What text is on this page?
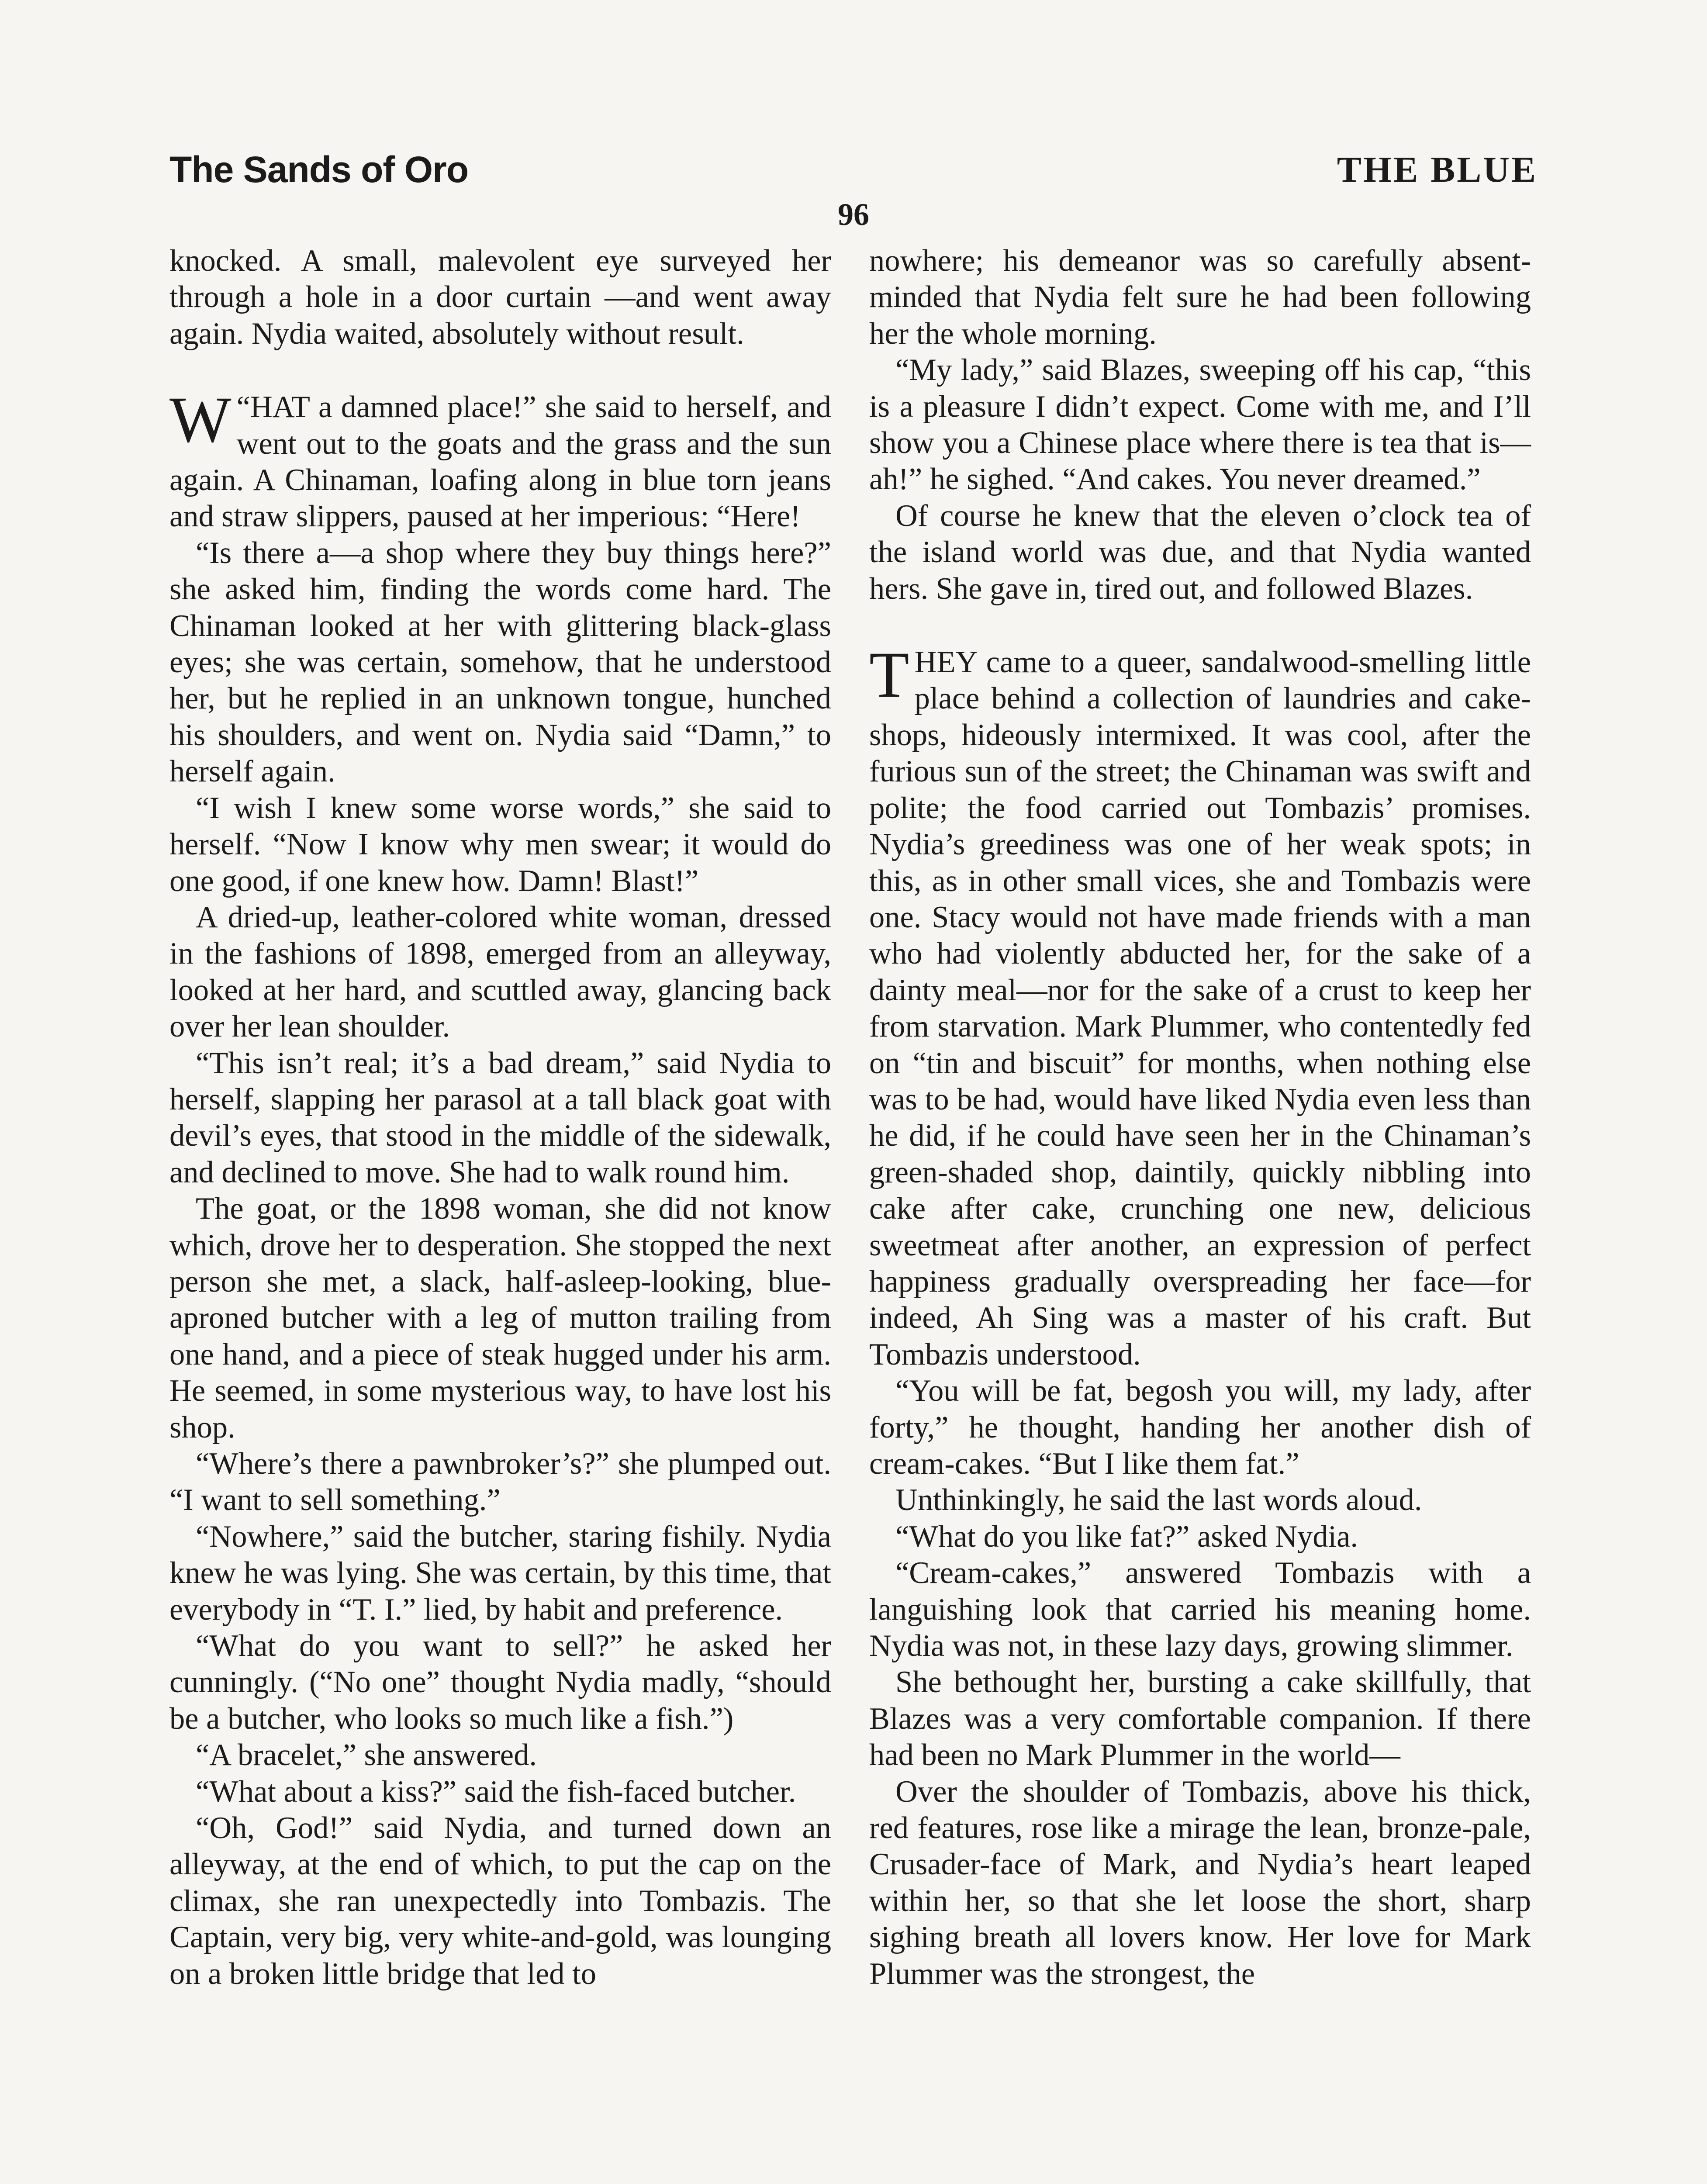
The Sands of Oro	THE BLUE
96

knocked. A small, malevolent eye surveyed her through a hole in a door curtain —and went away again. Nydia waited, absolutely without result.

“
W HAT a damned place!” she said to herself, and went out to the goats and the grass and the sun again. A Chinaman, loafing along in blue torn jeans and straw slippers, paused at her imperious: “Here!

“Is there a—a shop where they buy things here?” she asked him, finding the words come hard. The Chinaman looked at her with glittering black-glass eyes; she was certain, somehow, that he understood her, but he replied in an unknown tongue, hunched his shoulders, and went on. Nydia said “Damn,” to herself again.

“I wish I knew some worse words,” she said to herself. “Now I know why men swear; it would do one good, if one knew how. Damn! Blast!”

A dried-up, leather-colored white woman, dressed in the fashions of 1898, emerged from an alleyway, looked at her hard, and scuttled away, glancing back over her lean shoulder.

“This isn’t real; it’s a bad dream,” said Nydia to herself, slapping her parasol at a tall black goat with devil’s eyes, that stood in the middle of the sidewalk, and declined to move. She had to walk round him.

The goat, or the 1898 woman, she did not know which, drove her to desperation. She stopped the next person she met, a slack, half-asleep-looking, blue-aproned butcher with a leg of mutton trailing from one hand, and a piece of steak hugged under his arm. He seemed, in some mysterious way, to have lost his shop.

“Where’s there a pawnbroker’s?” she plumped out. “I want to sell something.”

“Nowhere,” said the butcher, staring fishily. Nydia knew he was lying. She was certain, by this time, that everybody in “T. I.” lied, by habit and preference.

“What do you want to sell?” he asked her cunningly. (“No one” thought Nydia madly, “should be a butcher, who looks so much like a fish.”)

“A bracelet,” she answered.

“What about a kiss?” said the fish-faced butcher.

“Oh, God!” said Nydia, and turned down an alleyway, at the end of which, to put the cap on the climax, she ran unexpectedly into Tombazis. The Captain, very big, very white-and-gold, was lounging on a broken little bridge that led to

nowhere; his demeanor was so carefully absent-minded that Nydia felt sure he had been following her the whole morning.

“My lady,” said Blazes, sweeping off his cap, “this is a pleasure I didn’t expect. Come with me, and I’ll show you a Chinese place where there is tea that is—ah!” he sighed. “And cakes. You never dreamed.”

Of course he knew that the eleven o’clock tea of the island world was due, and that Nydia wanted hers. She gave in, tired out, and followed Blazes.

THEY came to a queer, sandalwood-smelling little place behind a collection of laundries and cake-shops, hideously intermixed. It was cool, after the furious sun of the street; the Chinaman was swift and polite; the food carried out Tombazis’ promises. Nydia’s greediness was one of her weak spots; in this, as in other small vices, she and Tombazis were one. Stacy would not have made friends with a man who had violently abducted her, for the sake of a dainty meal—nor for the sake of a crust to keep her from starvation. Mark Plummer, who contentedly fed on “tin and biscuit” for months, when nothing else was to be had, would have liked Nydia even less than he did, if he could have seen her in the Chinaman’s green-shaded shop, daintily, quickly nibbling into cake after cake, crunching one new, delicious sweetmeat after another, an expression of perfect happiness gradually overspreading her face—for indeed, Ah Sing was a master of his craft. But Tombazis understood.

“You will be fat, begosh you will, my lady, after forty,” he thought, handing her another dish of cream-cakes. “But I like them fat.”

Unthinkingly, he said the last words aloud.

“What do you like fat?” asked Nydia.

“Cream-cakes,” answered Tombazis with a languishing look that carried his meaning home. Nydia was not, in these lazy days, growing slimmer.

She bethought her, bursting a cake skillfully, that Blazes was a very comfortable companion. If there had been no Mark Plummer in the world—

Over the shoulder of Tombazis, above his thick, red features, rose like a mirage the lean, bronze-pale, Crusader-face of Mark, and Nydia’s heart leaped within her, so that she let loose the short, sharp sighing breath all lovers know. Her love for Mark Plummer was the strongest, the
